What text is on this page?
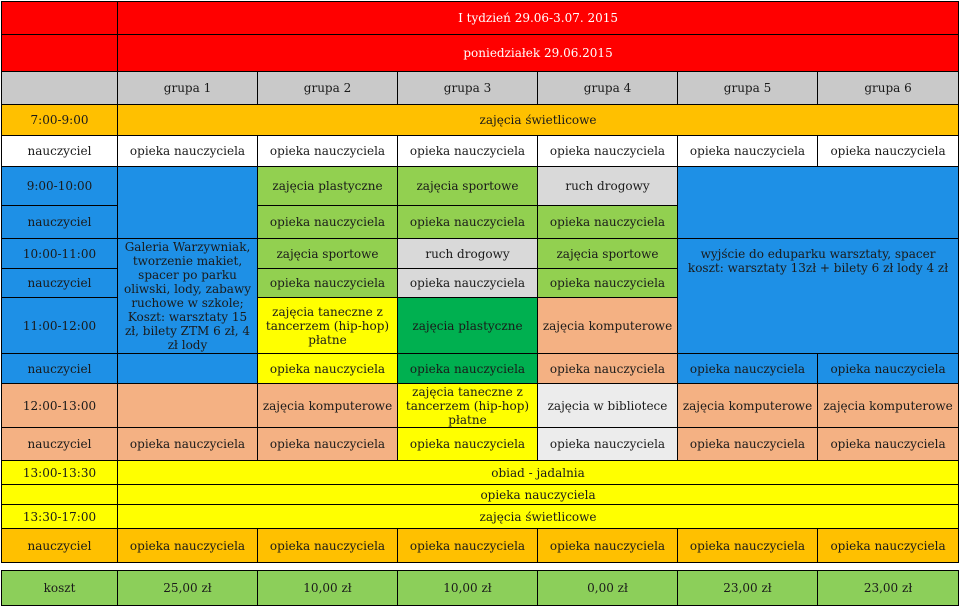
	I tydzień 29.06-3.07. 2015					
	poniedziałek 29.06.2015					
	grupa 1	grupa 2	grupa 3	grupa 4	grupa 5	grupa 6
7:00-9:00	zajęcia świetlicowe					
nauczyciel	opieka nauczyciela	opieka nauczyciela	opieka nauczyciela	opieka nauczyciela	opieka nauczyciela	opieka nauczyciela
9:00-10:00		zajęcia plastyczne	zajęcia sportowe	ruch drogowy		
nauczyciel		opieka nauczyciela	opieka nauczyciela	opieka nauczyciela		
10:00-11:00	Galeria Warzywniak, tworzenie makiet, spacer po parku oliwski, lody, zabawy ruchowe w szkole; Koszt: warsztaty 15 zł, bilety ZTM 6 zł, 4 zł lody	zajęcia sportowe	ruch drogowy	zajęcia sportowe	wyjście do eduparku warsztaty, spacer koszt: warsztaty 13zł + bilety 6 zł lody 4 zł	
nauczyciel		opieka nauczyciela	opieka nauczyciela	opieka nauczyciela		
11:00-12:00		zajęcia taneczne z tancerzem (hip-hop) płatne	zajęcia plastyczne	zajęcia komputerowe		
nauczyciel		opieka nauczyciela	opieka nauczyciela	opieka nauczyciela	opieka nauczyciela	opieka nauczyciela
12:00-13:00		zajęcia komputerowe	zajęcia taneczne z tancerzem (hip-hop) płatne	zajęcia w bibliotece	zajęcia komputerowe	zajęcia komputerowe
nauczyciel	opieka nauczyciela	opieka nauczyciela	opieka nauczyciela	opieka nauczyciela	opieka nauczyciela	opieka nauczyciela
13:00-13:30	obiad - jadalnia					
	opieka nauczyciela					
13:30-17:00	zajęcia świetlicowe					
nauczyciel	opieka nauczyciela	opieka nauczyciela	opieka nauczyciela	opieka nauczyciela	opieka nauczyciela	opieka nauczyciela

koszt	25,00 zł	10,00 zł	10,00 zł	0,00 zł	23,00 zł	23,00 zł
